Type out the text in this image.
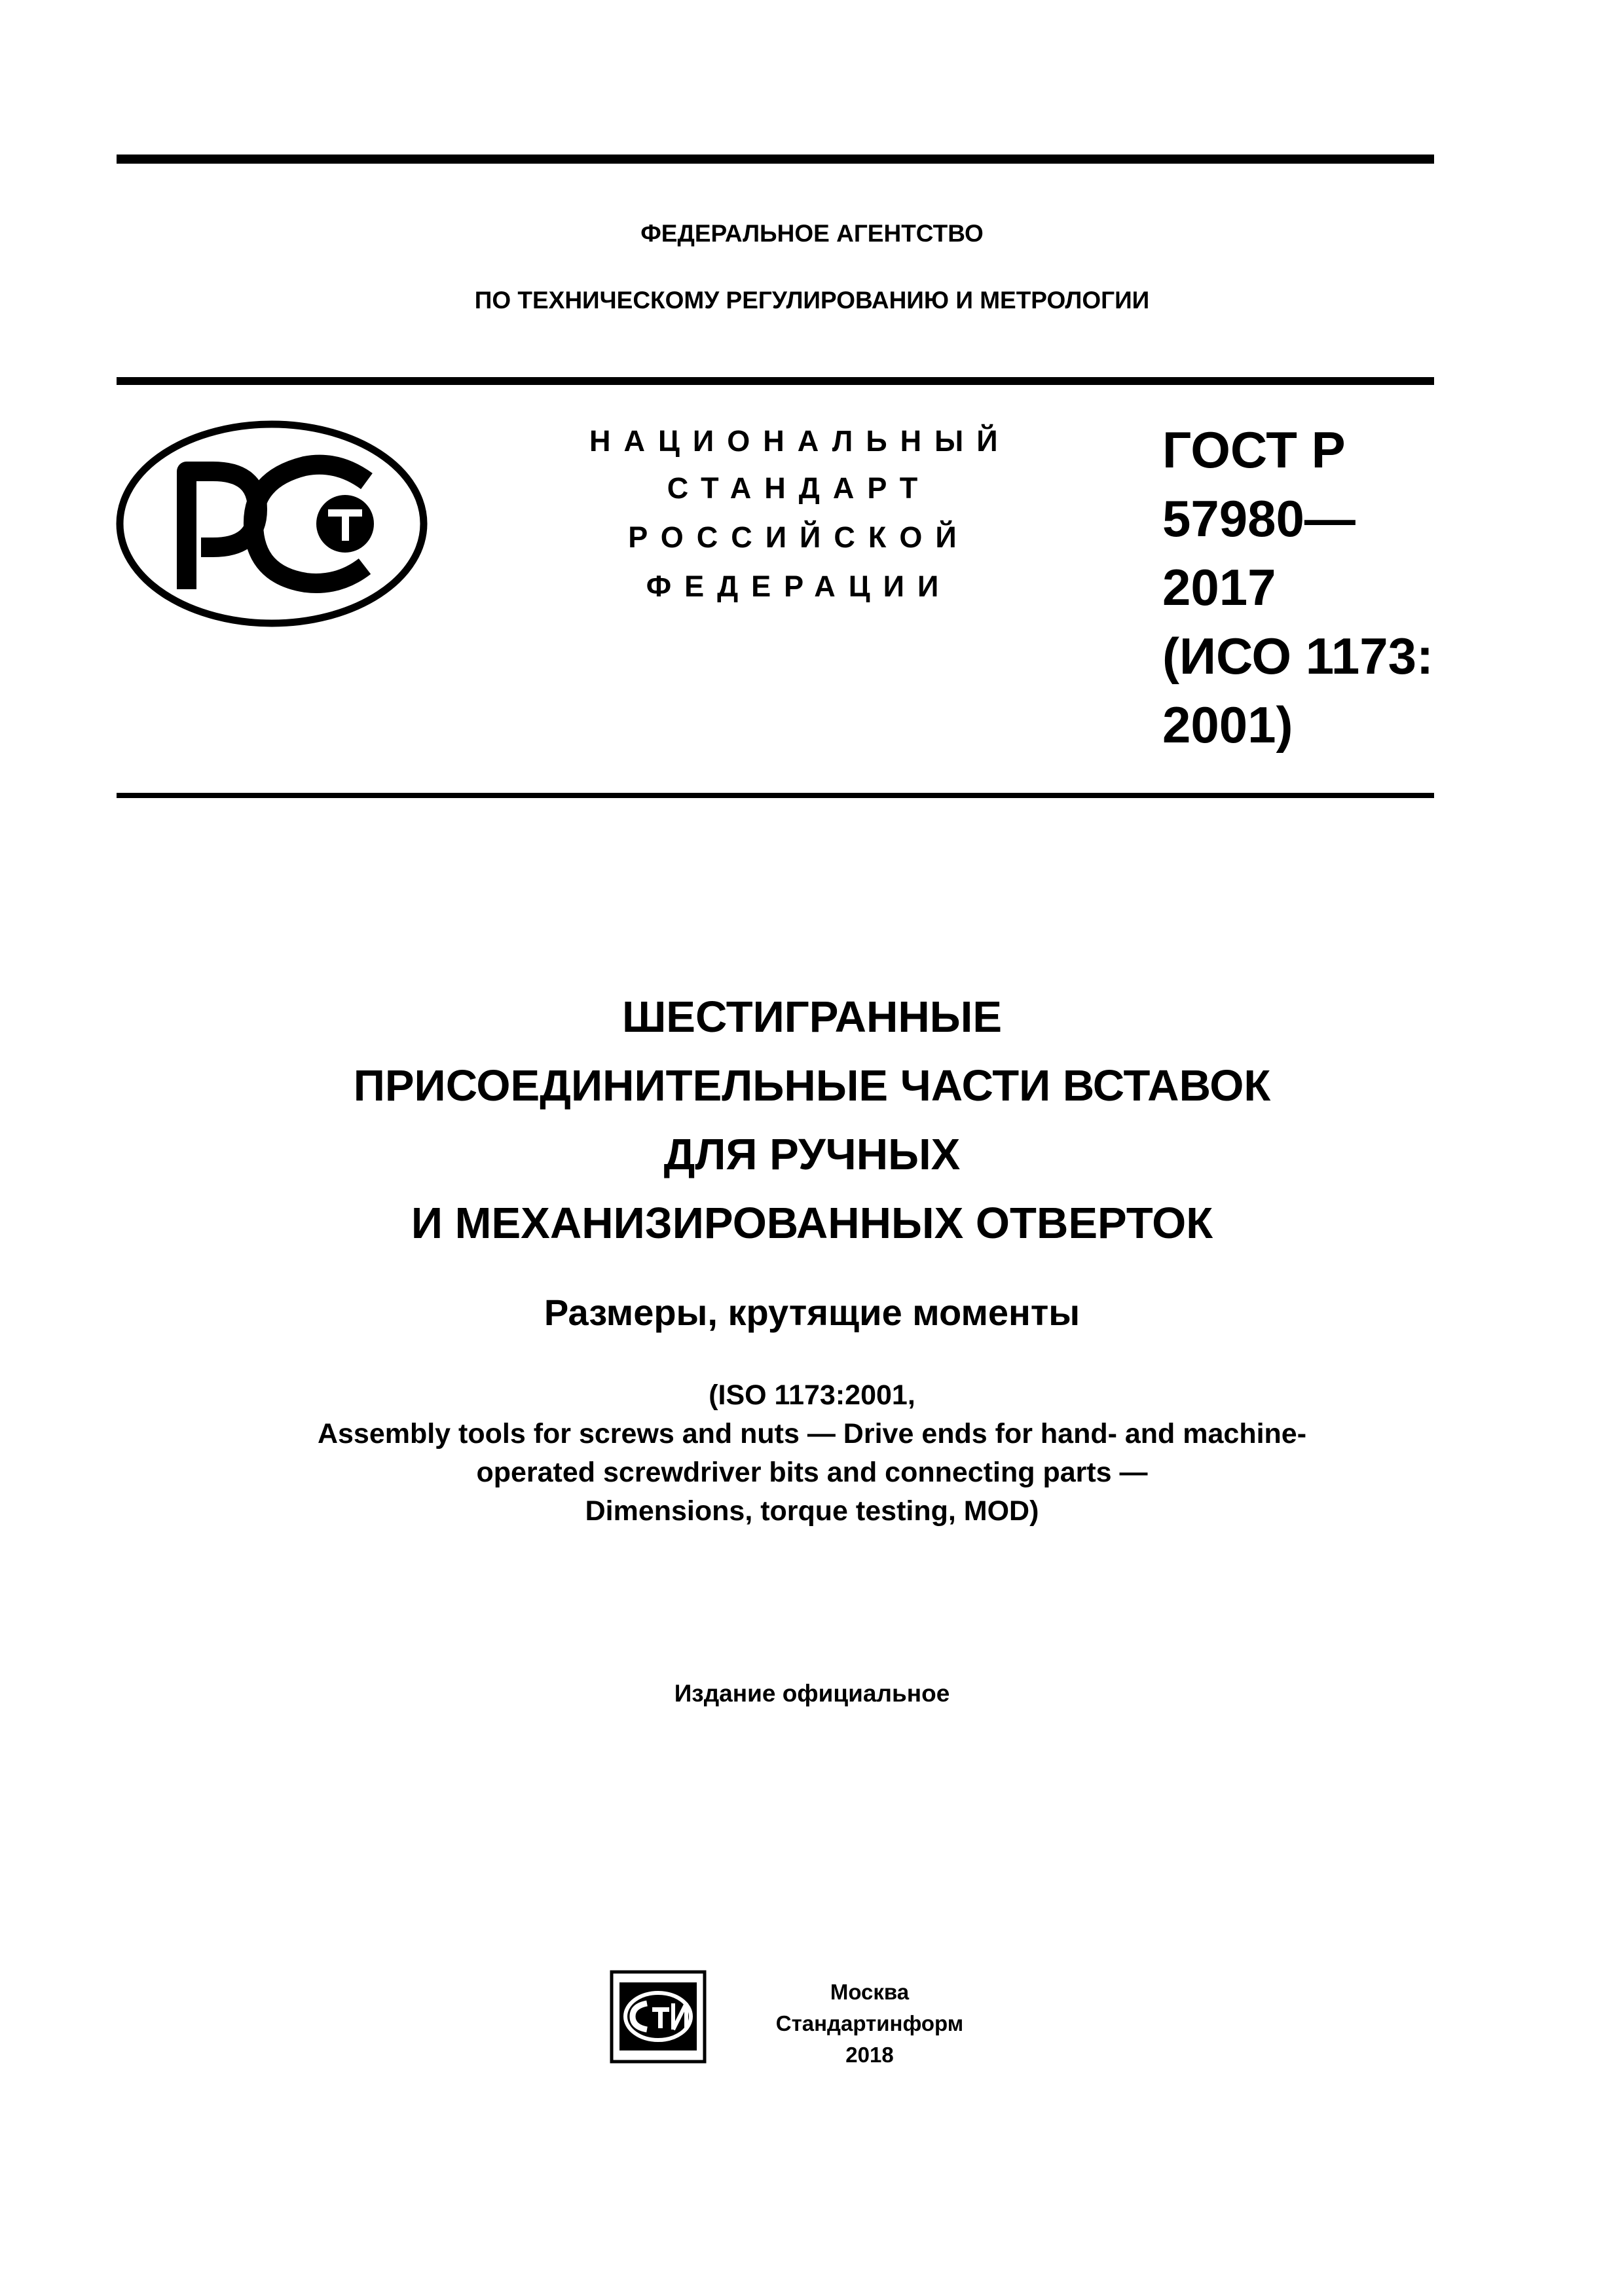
ФЕДЕРАЛЬНОЕ АГЕНТСТВО
ПО ТЕХНИЧЕСКОМУ РЕГУЛИРОВАНИЮ И МЕТРОЛОГИИ
НАЦИОНАЛЬНЫЙ
СТАНДАРТ
РОССИЙСКОЙ
ФЕДЕРАЦИИ
ГОСТ Р
57980—
2017
(ИСО 1173:
2001)
ШЕСТИГРАННЫЕ
ПРИСОЕДИНИТЕЛЬНЫЕ ЧАСТИ ВСТАВОК
ДЛЯ РУЧНЫХ
И МЕХАНИЗИРОВАННЫХ ОТВЕРТОК
Размеры, крутящие моменты
(ISO 1173:2001,
Assembly tools for screws and nuts — Drive ends for hand- and machine-
operated screwdriver bits and connecting parts —
Dimensions, torque testing, MOD)
Издание официальное
Москва
Стандартинформ
2018
